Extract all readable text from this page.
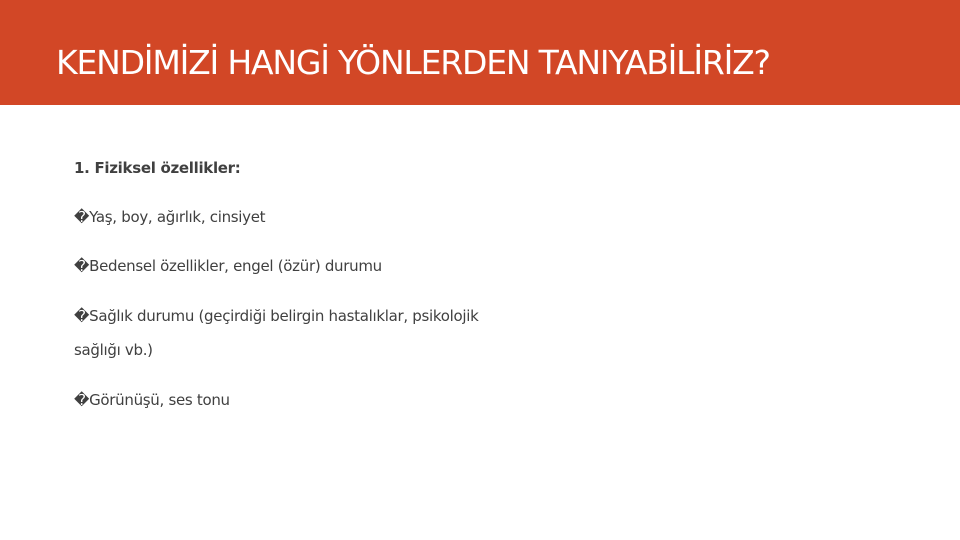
KENDİMİZİ HANGİ YÖNLERDEN TANIYABİLİRİZ?

1. Fiziksel özellikler:

�Yaş, boy, ağırlık, cinsiyet

�Bedensel özellikler, engel (özür) durumu

�Sağlık durumu (geçirdiği belirgin hastalıklar, psikolojik

sağlığı vb.)

�Görünüşü, ses tonu
